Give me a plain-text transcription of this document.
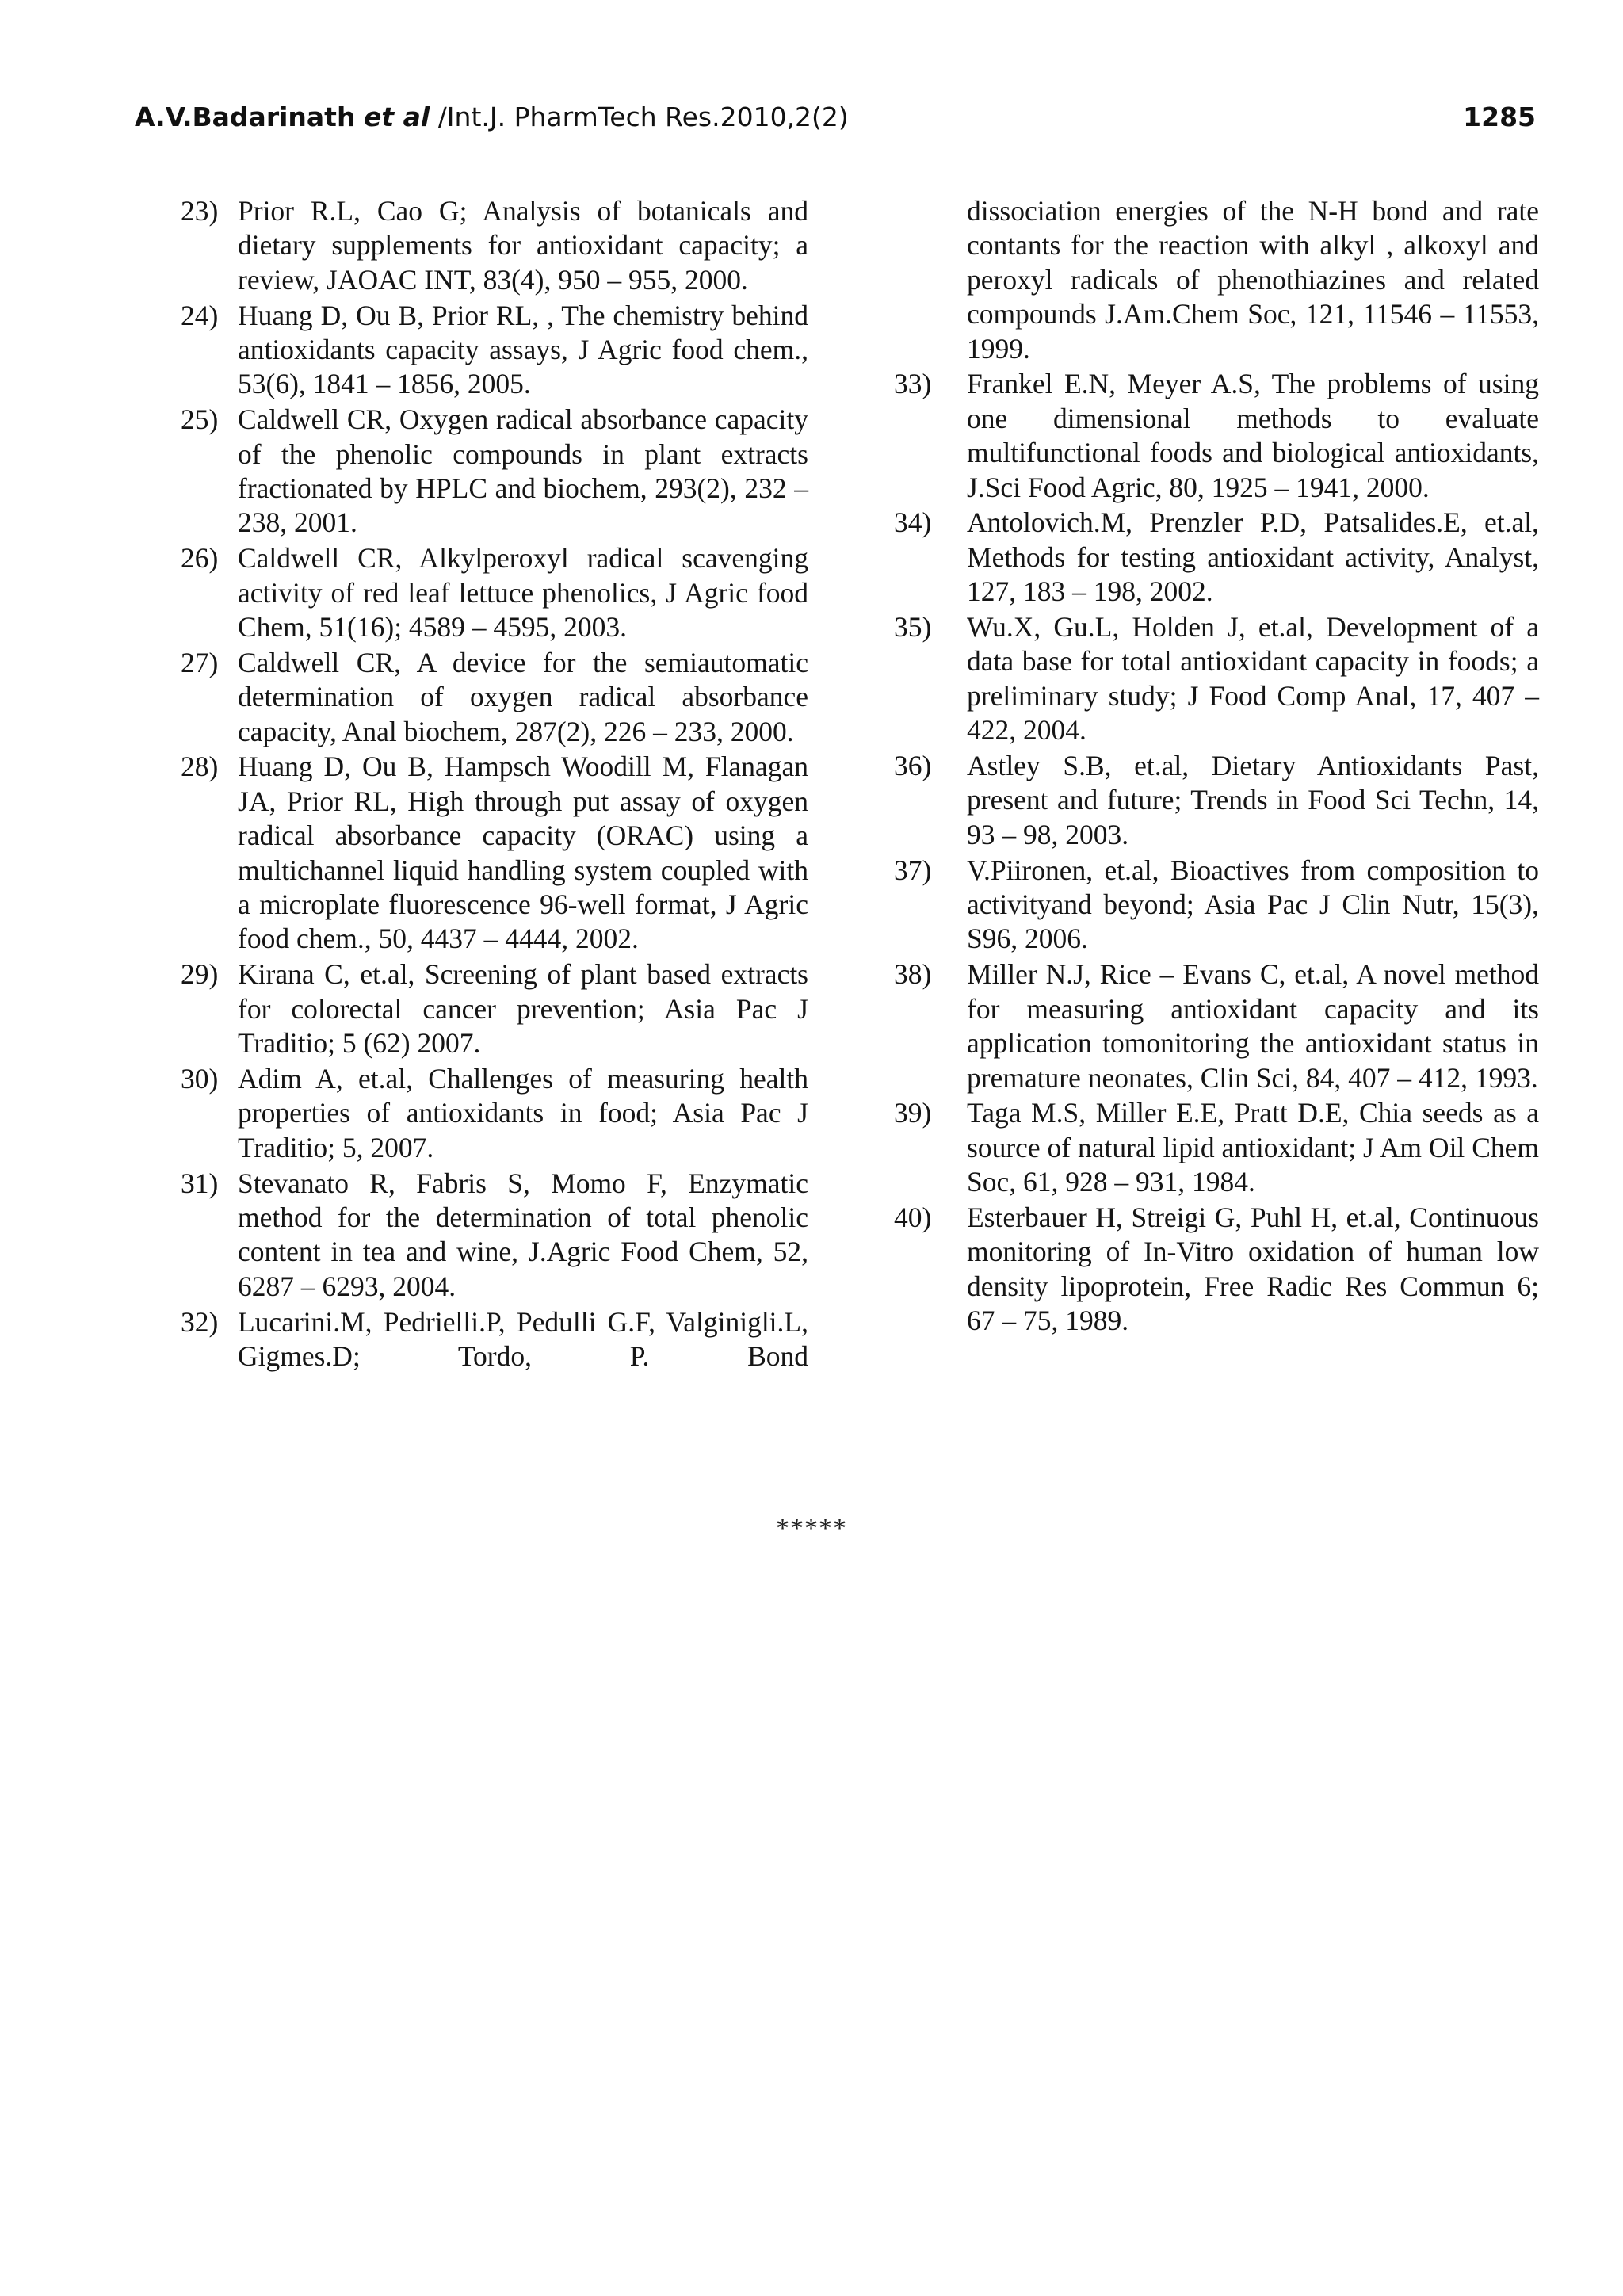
A.V.Badarinath et al /Int.J. PharmTech Res.2010,2(2)	1285
23) Prior R.L, Cao G; Analysis of botanicals and dietary supplements for antioxidant capacity; a review, JAOAC INT, 83(4), 950 – 955, 2000.
24) Huang D, Ou B, Prior RL, , The chemistry behind antioxidants capacity assays, J Agric food chem., 53(6), 1841 – 1856, 2005.
25) Caldwell CR, Oxygen radical absorbance capacity of the phenolic compounds in plant extracts fractionated by HPLC and biochem, 293(2), 232 – 238, 2001.
26) Caldwell CR, Alkylperoxyl radical scavenging activity of red leaf lettuce phenolics, J Agric food Chem, 51(16); 4589 – 4595, 2003.
27) Caldwell CR, A device for the semiautomatic determination of oxygen radical absorbance capacity, Anal biochem, 287(2), 226 – 233, 2000.
28) Huang D, Ou B, Hampsch Woodill M, Flanagan JA, Prior RL, High through put assay of oxygen radical absorbance capacity (ORAC) using a multichannel liquid handling system coupled with a microplate fluorescence 96-well format, J Agric food chem., 50, 4437 – 4444, 2002.
29) Kirana C, et.al, Screening of plant based extracts for colorectal cancer prevention; Asia Pac J Traditio; 5 (62) 2007.
30) Adim A, et.al, Challenges of measuring health properties of antioxidants in food; Asia Pac J Traditio; 5, 2007.
31) Stevanato R, Fabris S, Momo F, Enzymatic method for the determination of total phenolic content in tea and wine, J.Agric Food Chem, 52, 6287 – 6293, 2004.
32) Lucarini.M, Pedrielli.P, Pedulli G.F, Valginigli.L, Gigmes.D; Tordo, P. Bond
dissociation energies of the N-H bond and rate contants for the reaction with alkyl , alkoxyl and peroxyl radicals of phenothiazines and related compounds J.Am.Chem Soc, 121, 11546 – 11553, 1999.
33)	Frankel E.N, Meyer A.S, The problems of using one dimensional methods to evaluate multifunctional foods and biological antioxidants, J.Sci Food Agric, 80, 1925 – 1941, 2000.
34)	Antolovich.M, Prenzler P.D, Patsalides.E, et.al, Methods for testing antioxidant activity, Analyst, 127, 183 – 198, 2002.
35)	Wu.X, Gu.L, Holden J, et.al, Development of a data base for total antioxidant capacity in foods; a preliminary study; J Food Comp Anal, 17, 407 – 422, 2004.
36)	Astley S.B, et.al, Dietary Antioxidants Past, present and future; Trends in Food Sci Techn, 14, 93 – 98, 2003.
37)	V.Piironen, et.al, Bioactives from composition to activityand beyond; Asia Pac J Clin Nutr, 15(3), S96, 2006.
38)	Miller N.J, Rice – Evans C, et.al, A novel method for measuring antioxidant capacity and its application tomonitoring the antioxidant status in premature neonates, Clin Sci, 84, 407 – 412, 1993.
39)	Taga M.S, Miller E.E, Pratt D.E, Chia seeds as a source of natural lipid antioxidant; J Am Oil Chem Soc, 61, 928 – 931, 1984.
40)	Esterbauer H, Streigi G, Puhl H, et.al, Continuous monitoring of In-Vitro oxidation of human low density lipoprotein, Free Radic Res Commun 6; 67 – 75, 1989.
*****
